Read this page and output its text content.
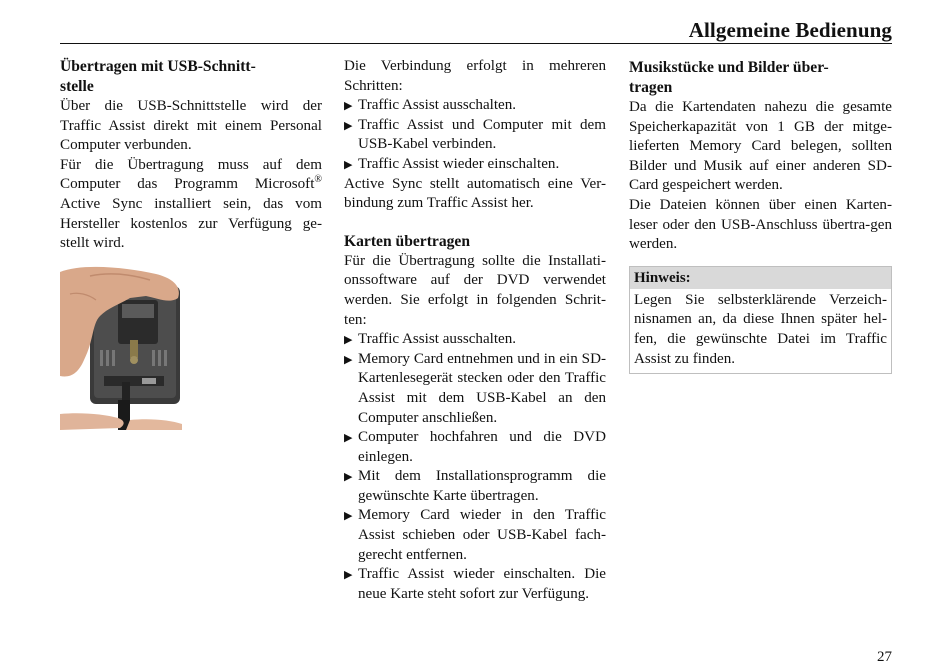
Allgemeine Bedienung
Übertragen mit USB-Schnitt-
stelle

Über die USB-Schnittstelle wird der Traffic Assist direkt mit einem Personal Computer verbunden.

Für die Übertragung muss auf dem Computer das Programm Microsoft® Active Sync installiert sein, das vom Hersteller kostenlos zur Verfügung ge-stellt wird.

Die Verbindung erfolgt in mehreren Schritten:

▶ Traffic Assist ausschalten.
▶ Traffic Assist und Computer mit dem USB-Kabel verbinden.
▶ Traffic Assist wieder einschalten.

Active Sync stellt automatisch eine Ver-bindung zum Traffic Assist her.

Karten übertragen

Für die Übertragung sollte die Installati-onssoftware auf der DVD verwendet werden. Sie erfolgt in folgenden Schrit-ten:

▶ Traffic Assist ausschalten.
▶ Memory Card entnehmen und in ein SD-Kartenlesegerät stecken oder den Traffic Assist mit dem USB-Kabel an den Computer anschließen.
▶ Computer hochfahren und die DVD einlegen.
▶ Mit dem Installationsprogramm die gewünschte Karte übertragen.
▶ Memory Card wieder in den Traffic Assist schieben oder USB-Kabel fach-gerecht entfernen.
▶ Traffic Assist wieder einschalten. Die neue Karte steht sofort zur Verfügung.
Musikstücke und Bilder über-
tragen

Da die Kartendaten nahezu die gesamte Speicherkapazität von 1 GB der mitge-lieferten Memory Card belegen, sollten Bilder und Musik auf einer anderen SD-Card gespeichert werden.

Die Dateien können über einen Karten-leser oder den USB-Anschluss übertra-gen werden.

Hinweis:
Legen Sie selbsterklärende Verzeich-nisnamen an, da diese Ihnen später hel-fen, die gewünschte Datei im Traffic Assist zu finden.
27
